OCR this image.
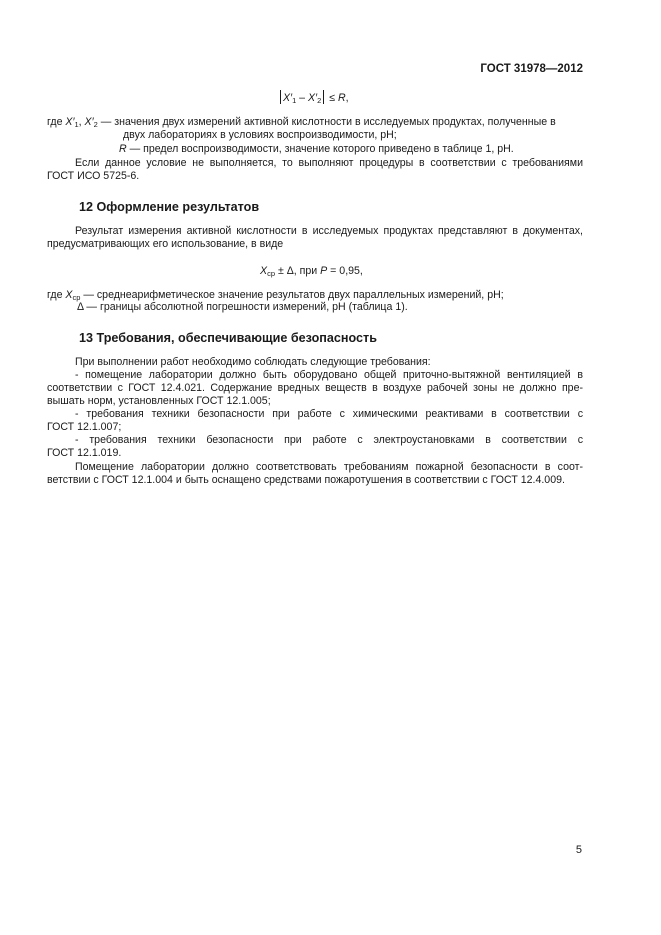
ГОСТ 31978—2012
$X'_1 - X'_2 \le R$,
где $X'_1$, $X'_2$ — значения двух измерений активной кислотности в исследуемых продуктах, полученные в
двух лабораториях в условиях воспроизводимости, pH;
R — предел воспроизводимости, значение которого приведено в таблице 1, pH.
Если данное условие не выполняется, то выполняют процедуры в соответствии с требованиями
ГОСТ ИСО 5725-6.
12 Оформление результатов
Результат измерения активной кислотности в исследуемых продуктах представляют в документах,
предусматривающих его использование, в виде
$X_{ср} \pm \Delta$, при P = 0,95,
где $X_{ср}$ — среднеарифметическое значение результатов двух параллельных измерений, pH;
Δ — границы абсолютной погрешности измерений, pH (таблица 1).
13 Требования, обеспечивающие безопасность
При выполнении работ необходимо соблюдать следующие требования:
- помещение лаборатории должно быть оборудовано общей приточно-вытяжной вентиляцией в
соответствии с ГОСТ 12.4.021. Содержание вредных веществ в воздухе рабочей зоны не должно пре-
вышать норм, установленных ГОСТ 12.1.005;
- требования техники безопасности при работе с химическими реактивами в соответствии с
ГОСТ 12.1.007;
- требования техники безопасности при работе с электроустановками в соответствии с
ГОСТ 12.1.019.
Помещение лаборатории должно соответствовать требованиям пожарной безопасности в соот-
ветствии с ГОСТ 12.1.004 и быть оснащено средствами пожаротушения в соответствии с ГОСТ 12.4.009.
5
